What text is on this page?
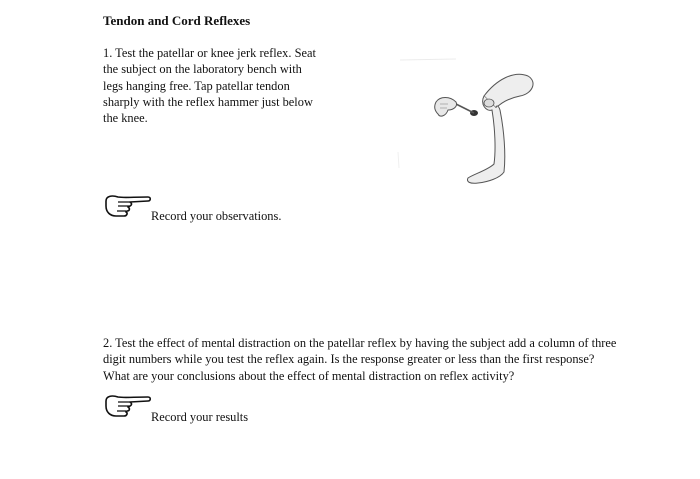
Tendon and Cord Reflexes
1. Test the patellar or knee jerk reflex. Seat
the subject on the laboratory bench with
legs hanging free. Tap patellar tendon
sharply with the reflex hammer just below
the knee.
Record your observations.
2. Test the effect of mental distraction on the patellar reflex by having the subject add a column of three
digit numbers while you test the reflex again. Is the response greater or less than the first response?
What are your conclusions about the effect of mental distraction on reflex activity?
Record your results
